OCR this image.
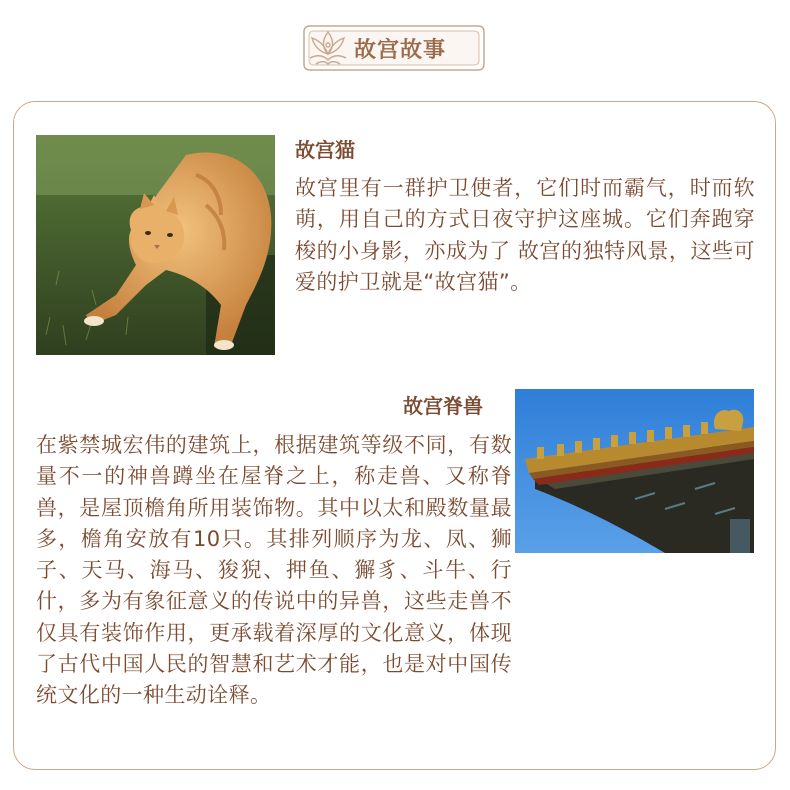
故宫故事
故宫猫
故宫里有一群护卫使者，它们时而霸气，时而软萌，用自己的方式日夜守护这座城。它们奔跑穿梭的小身影，亦成为了 故宫的独特风景，这些可爱的护卫就是“故宫猫”。
故宫脊兽
在紫禁城宏伟的建筑上，根据建筑等级不同，有数量不一的神兽蹲坐在屋脊之上，称走兽、又称脊兽，是屋顶檐角所用装饰物。其中以太和殿数量最多，檐角安放有10只。其排列顺序为龙、凤、狮子、天马、海马、狻猊、押鱼、獬豸、斗牛、行什，多为有象征意义的传说中的异兽，这些走兽不仅具有装饰作用，更承载着深厚的文化意义，体现了古代中国人民的智慧和艺术才能，也是对中国传统文化的一种生动诠释。
